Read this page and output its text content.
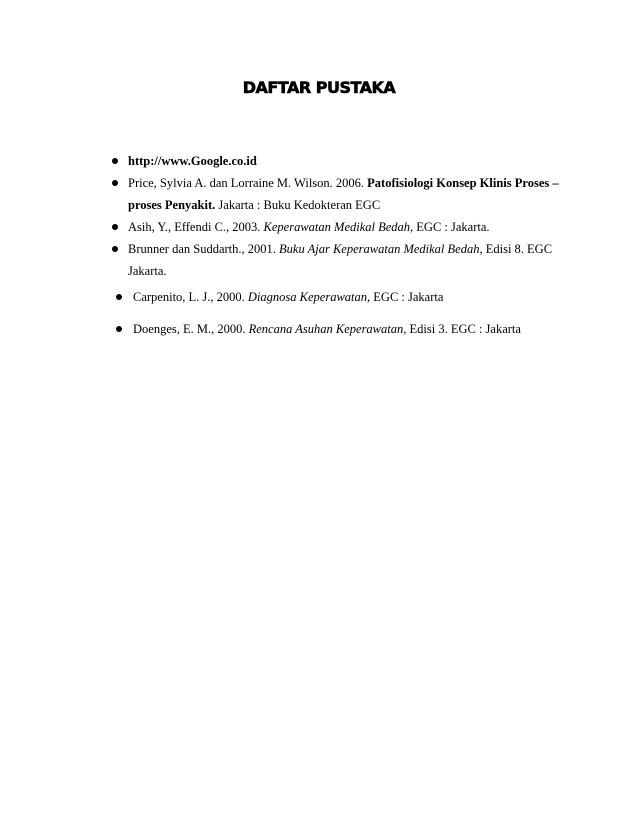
DAFTAR PUSTAKA
http://www.Google.co.id
Price, Sylvia A. dan Lorraine M. Wilson. 2006. Patofisiologi Konsep Klinis Proses – proses Penyakit. Jakarta : Buku Kedokteran EGC
Asih, Y., Effendi C., 2003. Keperawatan Medikal Bedah, EGC : Jakarta.
Brunner dan Suddarth., 2001. Buku Ajar Keperawatan Medikal Bedah, Edisi 8. EGC Jakarta.
Carpenito, L. J., 2000. Diagnosa Keperawatan, EGC : Jakarta
Doenges, E. M., 2000. Rencana Asuhan Keperawatan, Edisi 3. EGC : Jakarta
